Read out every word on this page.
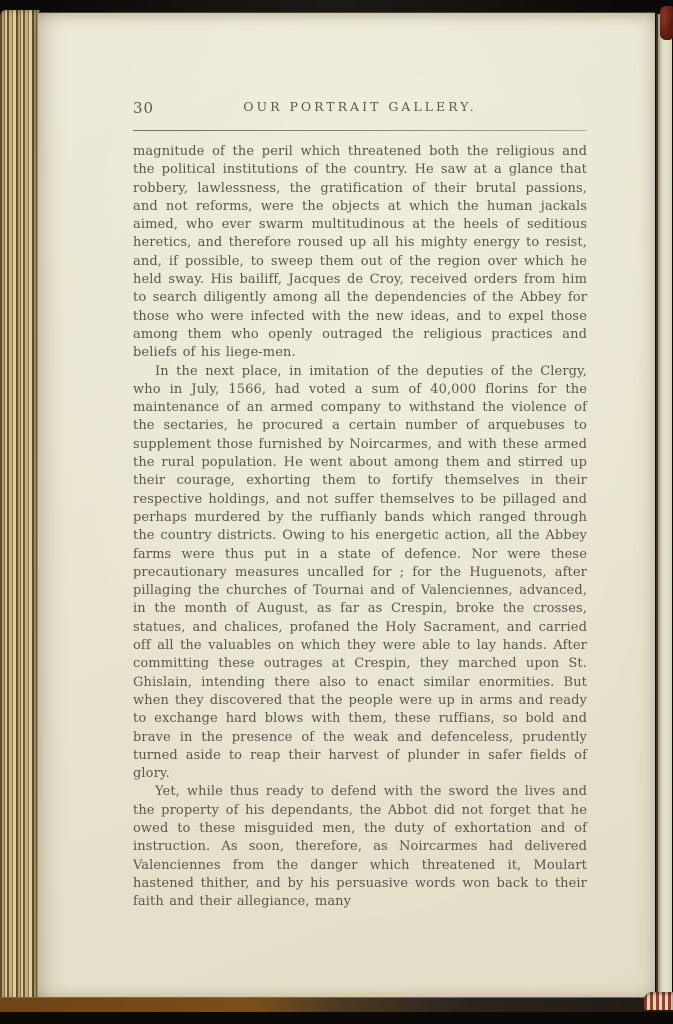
30	OUR PORTRAIT GALLERY.

magnitude of the peril which threatened both the religious and the political institutions of the country. He saw at a glance that robbery, lawlessness, the gratification of their brutal passions, and not reforms, were the objects at which the human jackals aimed, who ever swarm multitudinous at the heels of seditious heretics, and therefore roused up all his mighty energy to resist, and, if possible, to sweep them out of the region over which he held sway. His bailiff, Jacques de Croy, received orders from him to search diligently among all the dependencies of the Abbey for those who were infected with the new ideas, and to expel those among them who openly outraged the religious practices and beliefs of his liege-men.

In the next place, in imitation of the deputies of the Clergy, who in July, 1566, had voted a sum of 40,000 florins for the maintenance of an armed company to withstand the violence of the sectaries, he procured a certain number of arquebuses to supplement those furnished by Noircarmes, and with these armed the rural population. He went about among them and stirred up their courage, exhorting them to fortify themselves in their respective holdings, and not suffer themselves to be pillaged and perhaps murdered by the ruffianly bands which ranged through the country districts. Owing to his energetic action, all the Abbey farms were thus put in a state of defence. Nor were these precautionary measures uncalled for ; for the Huguenots, after pillaging the churches of Tournai and of Valenciennes, advanced, in the month of August, as far as Crespin, broke the crosses, statues, and chalices, profaned the Holy Sacrament, and carried off all the valuables on which they were able to lay hands. After committing these outrages at Crespin, they marched upon St. Ghislain, intending there also to enact similar enormities. But when they discovered that the people were up in arms and ready to exchange hard blows with them, these ruffians, so bold and brave in the presence of the weak and defenceless, prudently turned aside to reap their harvest of plunder in safer fields of glory.

Yet, while thus ready to defend with the sword the lives and the property of his dependants, the Abbot did not forget that he owed to these misguided men, the duty of exhortation and of instruction. As soon, therefore, as Noircarmes had delivered Valenciennes from the danger which threatened it, Moulart hastened thither, and by his persuasive words won back to their faith and their allegiance, many
